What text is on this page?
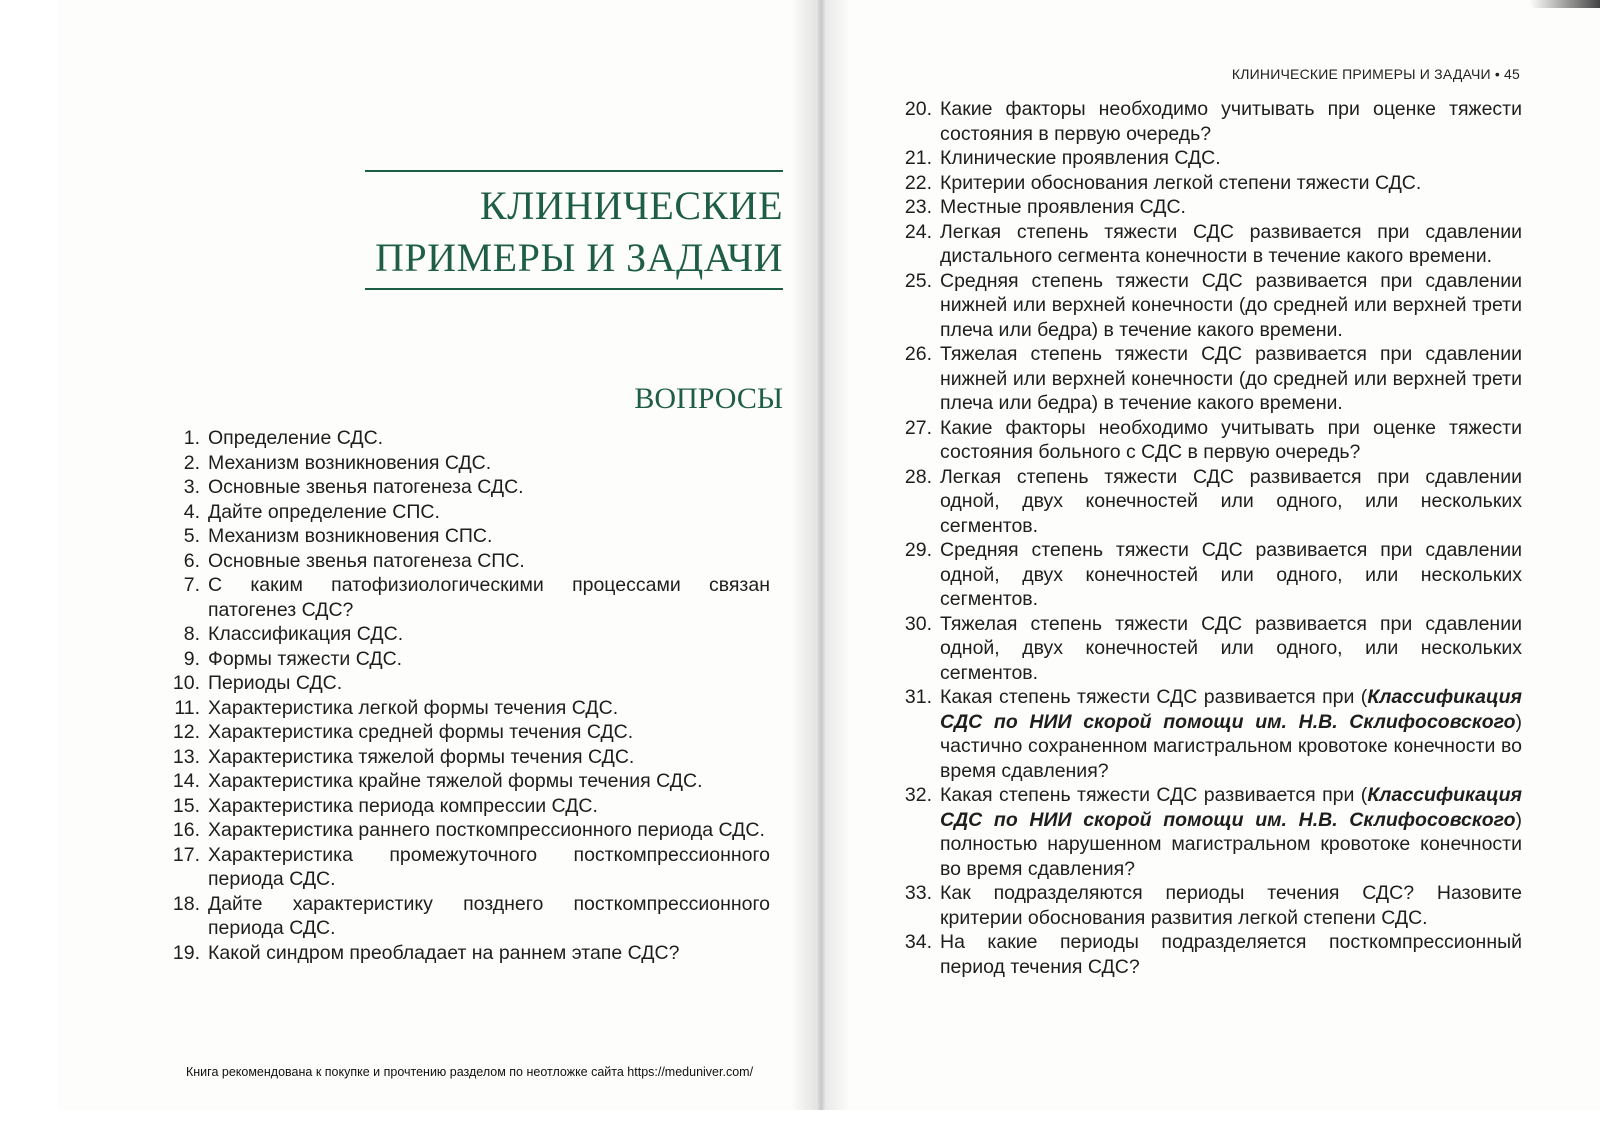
КЛИНИЧЕСКИЕ
ПРИМЕРЫ И ЗАДАЧИ
ВОПРОСЫ
1. Определение СДС.
2. Механизм возникновения СДС.
3. Основные звенья патогенеза СДС.
4. Дайте определение СПС.
5. Механизм возникновения СПС.
6. Основные звенья патогенеза СПС.
7. С каким патофизиологическими процессами связан патогенез СДС?
8. Классификация СДС.
9. Формы тяжести СДС.
10. Периоды СДС.
11. Характеристика легкой формы течения СДС.
12. Характеристика средней формы течения СДС.
13. Характеристика тяжелой формы течения СДС.
14. Характеристика крайне тяжелой формы течения СДС.
15. Характеристика периода компрессии СДС.
16. Характеристика раннего посткомпрессионного периода СДС.
17. Характеристика промежуточного посткомпрессионного периода СДС.
18. Дайте характеристику позднего посткомпрессионного периода СДС.
19. Какой синдром преобладает на раннем этапе СДС?
КЛИНИЧЕСКИЕ ПРИМЕРЫ И ЗАДАЧИ • 45
20. Какие факторы необходимо учитывать при оценке тяжести состояния в первую очередь?
21. Клинические проявления СДС.
22. Критерии обоснования легкой степени тяжести СДС.
23. Местные проявления СДС.
24. Легкая степень тяжести СДС развивается при сдавлении дистального сегмента конечности в течение какого времени.
25. Средняя степень тяжести СДС развивается при сдавлении нижней или верхней конечности (до средней или верхней трети плеча или бедра) в течение какого времени.
26. Тяжелая степень тяжести СДС развивается при сдавлении нижней или верхней конечности (до средней или верхней трети плеча или бедра) в течение какого времени.
27. Какие факторы необходимо учитывать при оценке тяжести состояния больного с СДС в первую очередь?
28. Легкая степень тяжести СДС развивается при сдавлении одной, двух конечностей или одного, или нескольких сегментов.
29. Средняя степень тяжести СДС развивается при сдавлении одной, двух конечностей или одного, или нескольких сегментов.
30. Тяжелая степень тяжести СДС развивается при сдавлении одной, двух конечностей или одного, или нескольких сегментов.
31. Какая степень тяжести СДС развивается при (Классификация СДС по НИИ скорой помощи им. Н.В. Склифосовского) частично сохраненном магистральном кровотоке конечности во время сдавления?
32. Какая степень тяжести СДС развивается при (Классификация СДС по НИИ скорой помощи им. Н.В. Склифосовского) полностью нарушенном магистральном кровотоке конечности во время сдавления?
33. Как подразделяются периоды течения СДС? Назовите критерии обоснования развития легкой степени СДС.
34. На какие периоды подразделяется посткомпрессионный период течения СДС?
Книга рекомендована к покупке и прочтению разделом по неотложке сайта https://meduniver.com/
